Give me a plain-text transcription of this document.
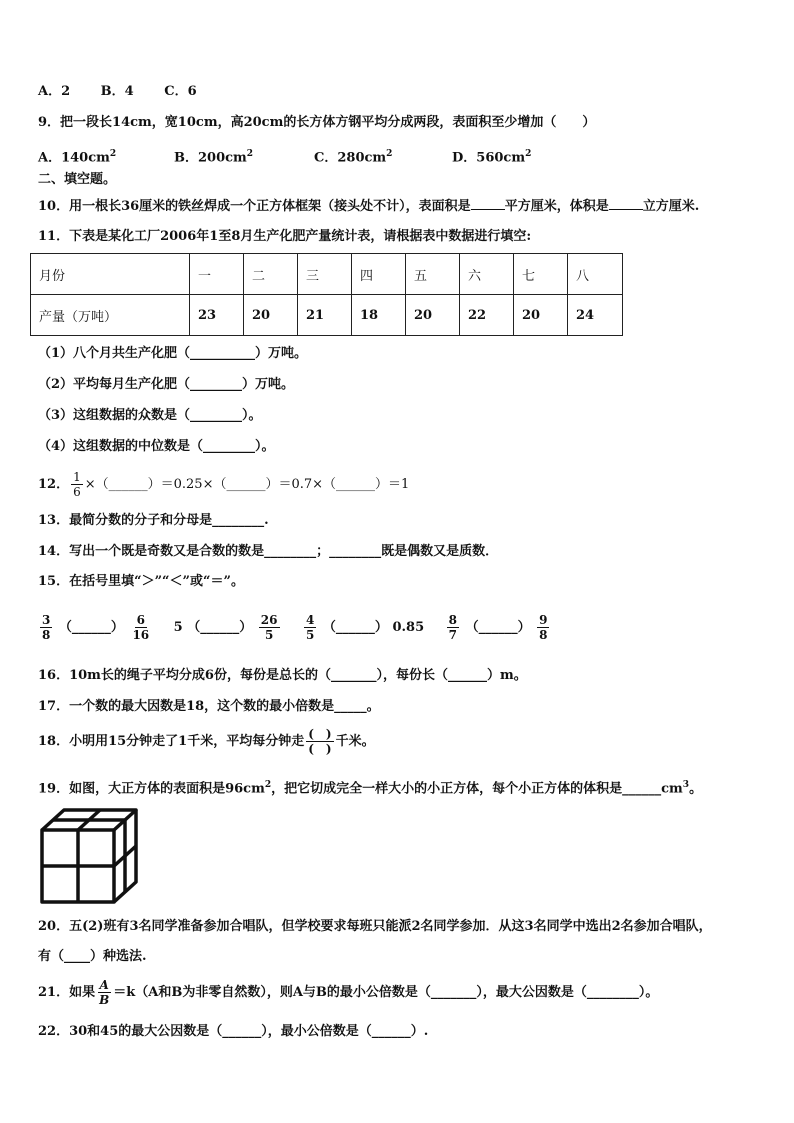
A．2 B．4 C．6
9．把一段长14cm，宽10cm，高20cm的长方体方钢平均分成两段，表面积至少增加（　　）
A．$140cm^2$	B．$200cm^2$	C．$280cm^2$	D．$560cm^2$
二、填空题。
10．用一根长36厘米的铁丝焊成一个正方体框架（接头处不计），表面积是	平方厘米，体积是	立方厘米.
11．下表是某化工厂2006年1至8月生产化肥产量统计表，请根据表中数据进行填空:
月份	一	二	三	四	五	六	七	八
产量（万吨）	23	20	21	18	20	22	20	24
（1）八个月共生产化肥（__________）万吨。
（2）平均每月生产化肥（________）万吨。
（3）这组数据的众数是（________）。
（4）这组数据的中位数是（________）。
12． $\frac{1}{6}$ ×（______）＝0.25×（______）＝0.7×（______）＝1
13．最简分数的分子和分母是________.
14．写出一个既是奇数又是合数的数是________；________既是偶数又是质数．
15．在括号里填“＞”“＜”或“＝”。
$\frac{3}{8}$ （______） $\frac{6}{16} 5$ （______） $\frac{26}{5}$
$\frac{4}{5}$ （______） $0.85 \frac{8}{7}$ （______） $\frac{9}{8}$
16．10m长的绳子平均分成6份，每份是总长的（_______），每份长（______）m。
17．一个数的最大因数是18，这个数的最小倍数是_____。
18．小明用15分钟走了1千米，平均每分钟走 $\frac{( )}{( )}$ 千米。
19．如图，大正方体的表面积是$96cm^2$，把它切成完全一样大小的小正方体，每个小正方体的体积是$\_\_\_\_\_\_cm^3$。
20．五(2)班有3名同学准备参加合唱队，但学校要求每班只能派2名同学参加．从这3名同学中选出2名参加合唱队，
有（____）种选法.
21．如果 $\frac{A}{B} =k(A$和B为非零自然数），则A与B的最小公倍数是（_______），最大公因数是（________）。
22．30和45的最大公因数是（______），最小公倍数是（______）.
